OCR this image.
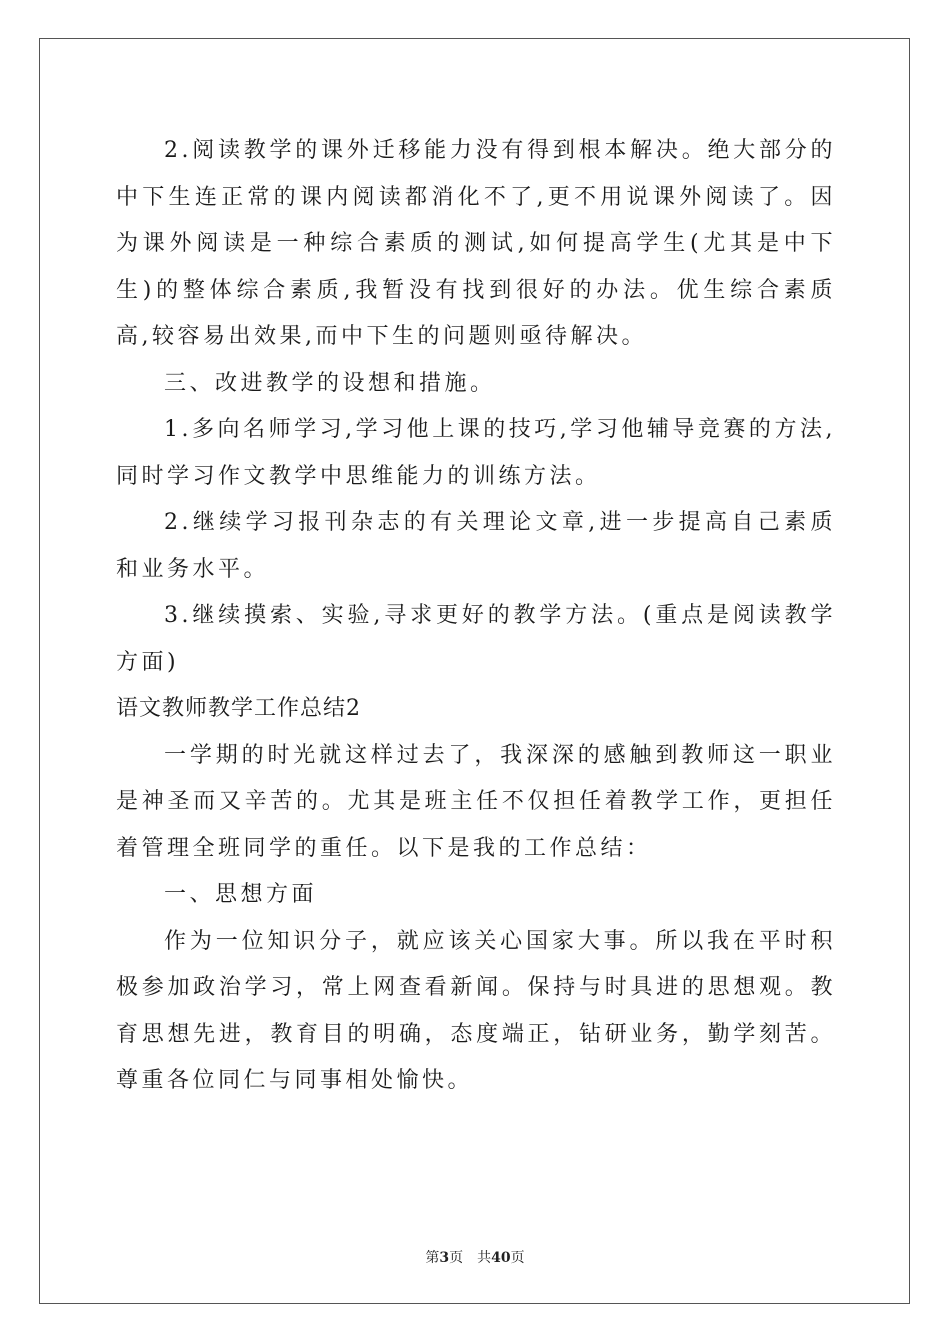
2.阅读教学的课外迁移能力没有得到根本解决。绝大部分的中下生连正常的课内阅读都消化不了,更不用说课外阅读了。因为课外阅读是一种综合素质的测试,如何提高学生(尤其是中下生)的整体综合素质,我暂没有找到很好的办法。优生综合素质高,较容易出效果,而中下生的问题则亟待解决。

三、改进教学的设想和措施。

1.多向名师学习,学习他上课的技巧,学习他辅导竞赛的方法,同时学习作文教学中思维能力的训练方法。

2.继续学习报刊杂志的有关理论文章,进一步提高自己素质和业务水平。

3.继续摸索、实验,寻求更好的教学方法。(重点是阅读教学方面)

语文教师教学工作总结2

一学期的时光就这样过去了，我深深的感触到教师这一职业是神圣而又辛苦的。尤其是班主任不仅担任着教学工作，更担任着管理全班同学的重任。以下是我的工作总结：

一、思想方面

作为一位知识分子，就应该关心国家大事。所以我在平时积极参加政治学习，常上网查看新闻。保持与时具进的思想观。教育思想先进，教育目的明确，态度端正，钻研业务，勤学刻苦。尊重各位同仁与同事相处愉快。

第3页 共40页
